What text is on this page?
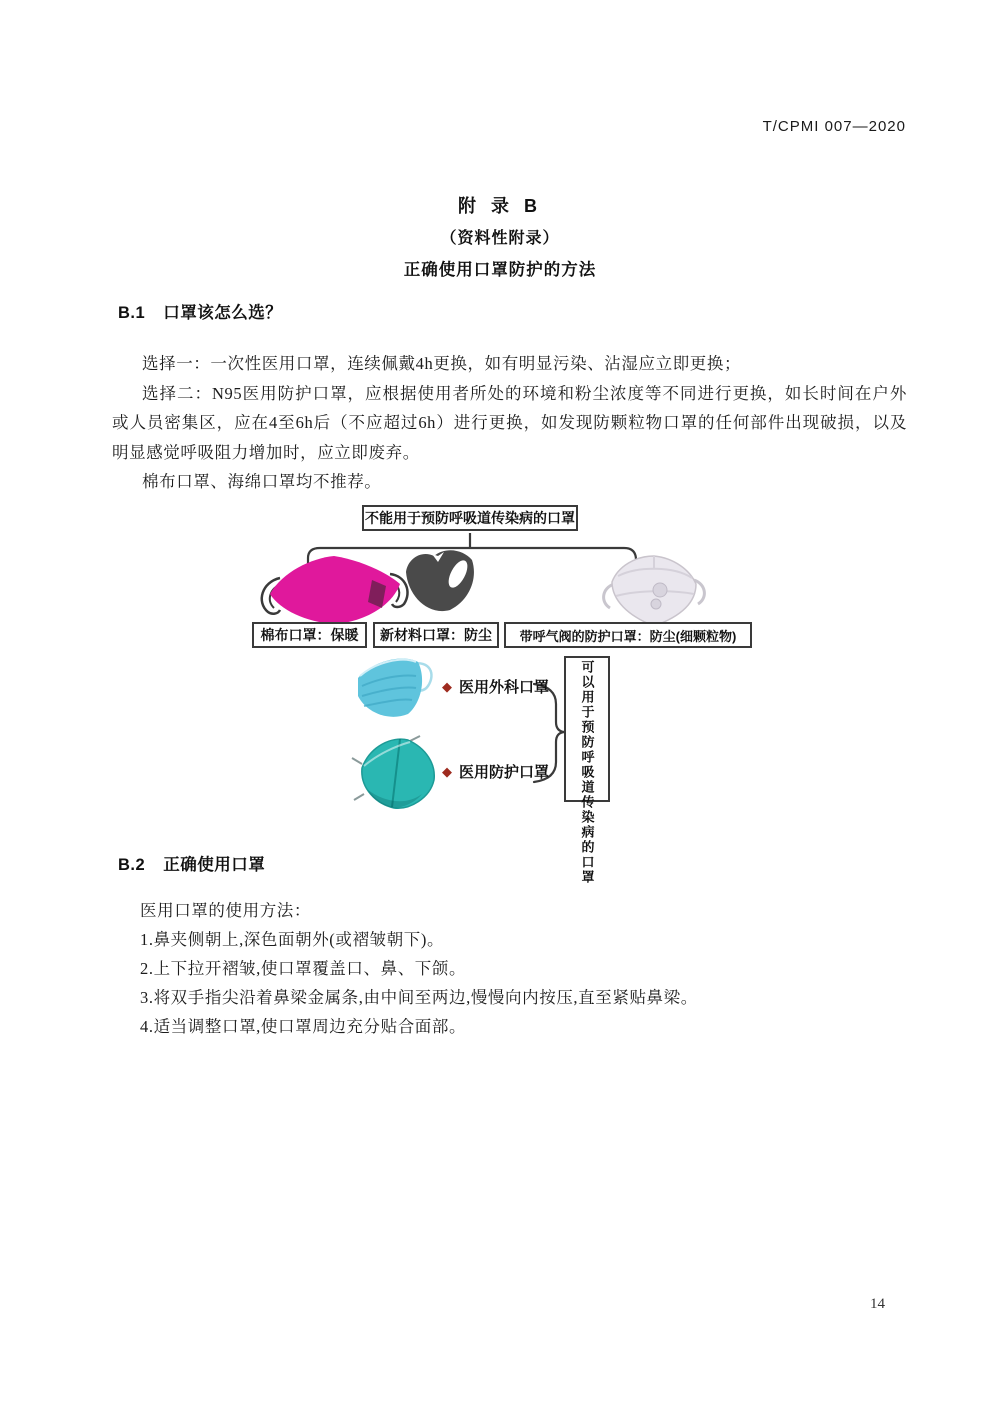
T/CPMI 007—2020
附 录 B
（资料性附录）
正确使用口罩防护的方法
B.1 口罩该怎么选？

选择一：一次性医用口罩，连续佩戴4h更换，如有明显污染、沾湿应立即更换；

选择二：N95医用防护口罩，应根据使用者所处的环境和粉尘浓度等不同进行更换，如长时间在户外或人员密集区，应在4至6h后（不应超过6h）进行更换，如发现防颗粒物口罩的任何部件出现破损，以及明显感觉呼吸阻力增加时，应立即废弃。

棉布口罩、海绵口罩均不推荐。

不能用于预防呼吸道传染病的口罩
棉布口罩：保暖	新材料口罩：防尘	带呼气阀的防护口罩：防尘(细颗粒物)
◆ 医用外科口罩
◆ 医用防护口罩 可以用于预防呼吸道传染病的口罩
B.2 正确使用口罩

医用口罩的使用方法：

1.鼻夹侧朝上,深色面朝外(或褶皱朝下)。

2.上下拉开褶皱,使口罩覆盖口、鼻、下颌。

3.将双手指尖沿着鼻梁金属条,由中间至两边,慢慢向内按压,直至紧贴鼻梁。

4.适当调整口罩,使口罩周边充分贴合面部。

14
